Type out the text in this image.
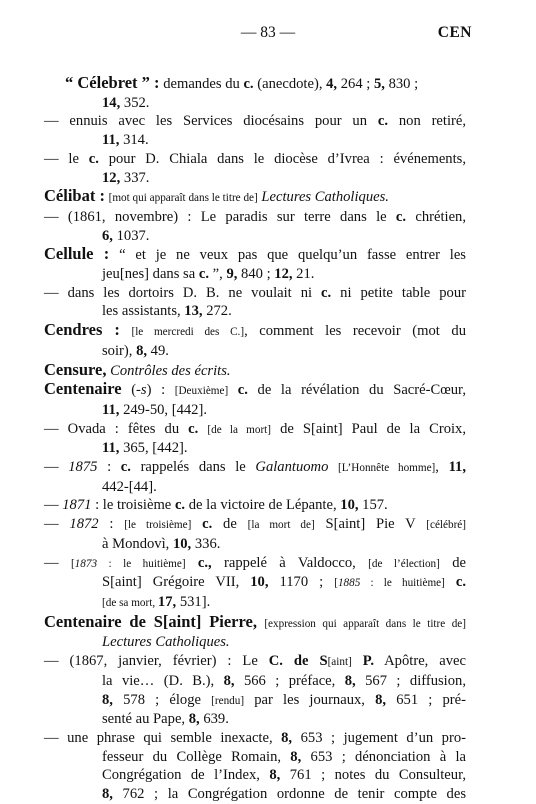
— 83 —	CEN
“ Célebret ” : demandes du c. (anecdote), 4, 264 ; 5, 830 ;
14, 352.
— ennuis avec les Services diocésains pour un c. non retiré,
11, 314.
— le c. pour D. Chiala dans le diocèse d’Ivrea : événements,
12, 337.
Célibat : [mot qui apparaît dans le titre de] Lectures Catholiques.
— (1861, novembre) : Le paradis sur terre dans le c. chrétien,
6, 1037.
Cellule : “ et je ne veux pas que quelqu’un fasse entrer les
jeu[nes] dans sa c. ”, 9, 840 ; 12, 21.
— dans les dortoirs D. B. ne voulait ni c. ni petite table pour
les assistants, 13, 272.
Cendres : [le mercredi des C.], comment les recevoir (mot du
soir), 8, 49.
Censure, Contrôles des écrits.
Centenaire (-s) : [Deuxième] c. de la révélation du Sacré-Cœur,
11, 249-50, [442].
— Ovada : fêtes du c. [de la mort] de S[aint] Paul de la Croix,
11, 365, [442].
— 1875 : c. rappelés dans le Galantuomo [L’Honnête homme], 11,
442-[44].
— 1871 : le troisième c. de la victoire de Lépante, 10, 157.
— 1872 : [le troisième] c. de [la mort de] S[aint] Pie V [célébré]
à Mondovì, 10, 336.
— [1873 : le huitième] c., rappelé à Valdocco, [de l’élection] de
S[aint] Grégoire VII, 10, 1170 ; [1885 : le huitième] c.
[de sa mort, 17, 531].
Centenaire de S[aint] Pierre, [expression qui apparaît dans le titre de]
Lectures Catholiques.
— (1867, janvier, février) : Le C. de S[aint] P. Apôtre, avec
la vie… (D. B.), 8, 566 ; préface, 8, 567 ; diffusion,
8, 578 ; éloge [rendu] par les journaux, 8, 651 ; pré-
senté au Pape, 8, 639.
— une phrase qui semble inexacte, 8, 653 ; jugement d’un pro-
fesseur du Collège Romain, 8, 653 ; dénonciation à la
Congrégation de l’Index, 8, 761 ; notes du Consulteur,
8, 762 ; la Congrégation ordonne de tenir compte des
